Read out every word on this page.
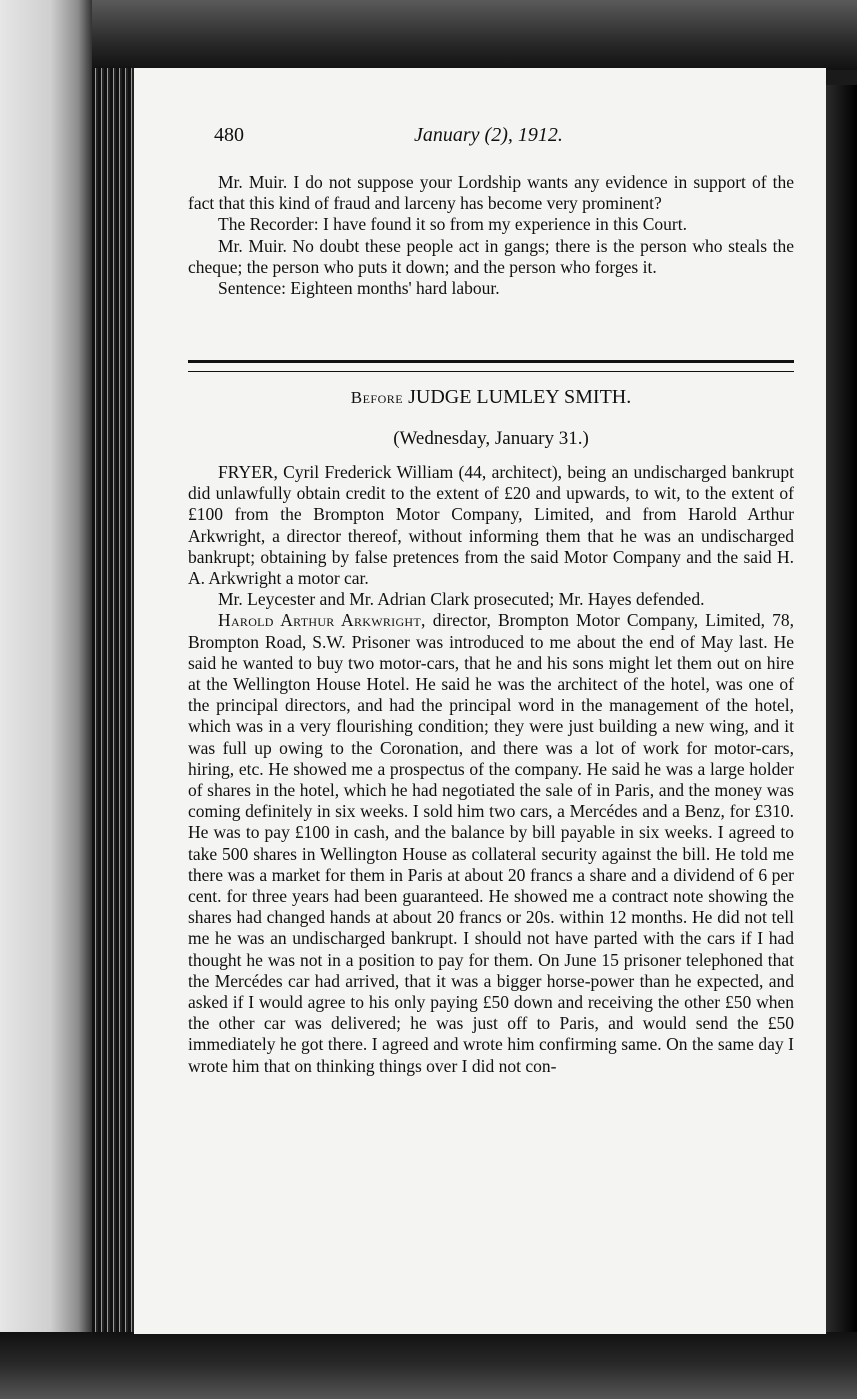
480	January (2), 1912.

Mr. Muir. I do not suppose your Lordship wants any evidence in support of the fact that this kind of fraud and larceny has become very prominent?

The Recorder: I have found it so from my experience in this Court.

Mr. Muir. No doubt these people act in gangs; there is the person who steals the cheque; the person who puts it down; and the person who forges it.

Sentence: Eighteen months' hard labour.

Before JUDGE LUMLEY SMITH.
(Wednesday, January 31.)

FRYER, Cyril Frederick William (44, architect), being an undischarged bankrupt did unlawfully obtain credit to the extent of £20 and upwards, to wit, to the extent of £100 from the Brompton Motor Company, Limited, and from Harold Arthur Arkwright, a director thereof, without informing them that he was an undischarged bankrupt; obtaining by false pretences from the said Motor Company and the said H. A. Arkwright a motor car.

Mr. Leycester and Mr. Adrian Clark prosecuted; Mr. Hayes defended.

Harold Arthur Arkwright, director, Brompton Motor Company, Limited, 78, Brompton Road, S.W. Prisoner was introduced to me about the end of May last. He said he wanted to buy two motor-cars, that he and his sons might let them out on hire at the Wellington House Hotel. He said he was the architect of the hotel, was one of the principal directors, and had the principal word in the management of the hotel, which was in a very flourishing condition; they were just building a new wing, and it was full up owing to the Coronation, and there was a lot of work for motor-cars, hiring, etc. He showed me a prospectus of the company. He said he was a large holder of shares in the hotel, which he had negotiated the sale of in Paris, and the money was coming definitely in six weeks. I sold him two cars, a Mercédes and a Benz, for £310. He was to pay £100 in cash, and the balance by bill payable in six weeks. I agreed to take 500 shares in Wellington House as collateral security against the bill. He told me there was a market for them in Paris at about 20 francs a share and a dividend of 6 per cent. for three years had been guaranteed. He showed me a contract note showing the shares had changed hands at about 20 francs or 20s. within 12 months. He did not tell me he was an undischarged bankrupt. I should not have parted with the cars if I had thought he was not in a position to pay for them. On June 15 prisoner telephoned that the Mercédes car had arrived, that it was a bigger horse-power than he expected, and asked if I would agree to his only paying £50 down and receiving the other £50 when the other car was delivered; he was just off to Paris, and would send the £50 immediately he got there. I agreed and wrote him confirming same. On the same day I wrote him that on thinking things over I did not con-
